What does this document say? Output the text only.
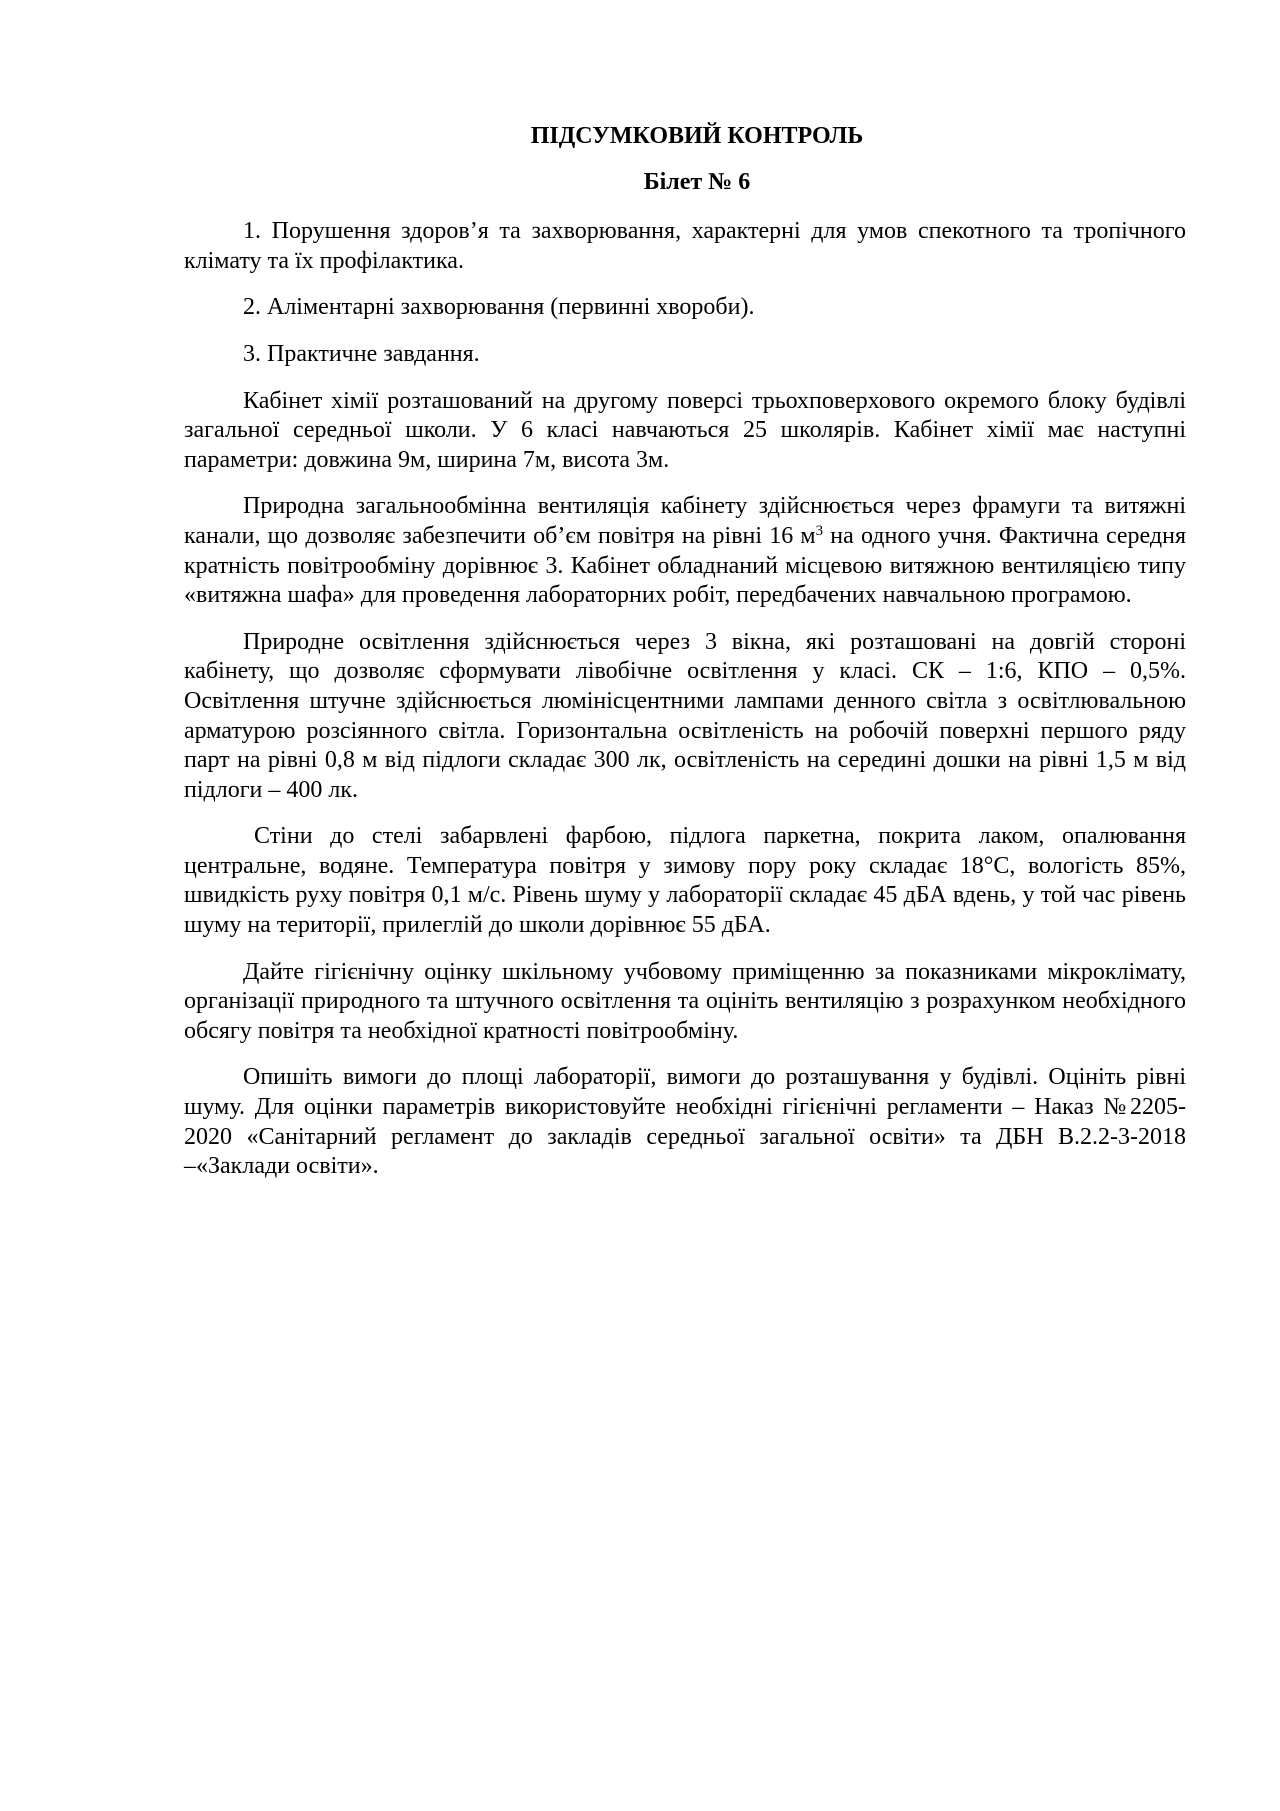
ПІДСУМКОВИЙ КОНТРОЛЬ
Білет № 6

1. Порушення здоров’я та захворювання, характерні для умов спекотного та тропічного клімату та їх профілактика.

2. Аліментарні захворювання (первинні хвороби).

3. Практичне завдання.

Кабінет хімії розташований на другому поверсі трьохповерхового окремого блоку будівлі загальної середньої школи. У 6 класі навчаються 25 школярів. Кабінет хімії має наступні параметри: довжина 9м, ширина 7м, висота 3м.

Природна загальнообмінна вентиляція кабінету здійснюється через фрамуги та витяжні канали, що дозволяє забезпечити об’єм повітря на рівні 16 $м^3$ на одного учня. Фактична середня кратність повітрообміну дорівнює 3. Кабінет обладнаний місцевою витяжною вентиляцією типу «витяжна шафа» для проведення лабораторних робіт, передбачених навчальною програмою.

Природне освітлення здійснюється через 3 вікна, які розташовані на довгій стороні кабінету, що дозволяє сформувати лівобічне освітлення у класі. СК – 1:6, КПО – 0,5%. Освітлення штучне здійснюється люмінісцентними лампами денного світла з освітлювальною арматурою розсіянного світла. Горизонтальна освітленість на робочій поверхні першого ряду парт на рівні 0,8 м від підлоги складає 300 лк, освітленість на середині дошки на рівні 1,5 м від підлоги – 400 лк.

Стіни до стелі забарвлені фарбою, підлога паркетна, покрита лаком, опалювання центральне, водяне. Температура повітря у зимову пору року складає 18°С, вологість 85%, швидкість руху повітря 0,1 м/с. Рівень шуму у лабораторії складає 45 дБА вдень, у той час рівень шуму на території, прилеглій до школи дорівнює 55 дБА.

Дайте гігієнічну оцінку шкільному учбовому приміщенню за показниками мікроклімату, організації природного та штучного освітлення та оцініть вентиляцію з розрахунком необхідного обсягу повітря та необхідної кратності повітрообміну.

Опишіть вимоги до площі лабораторії, вимоги до розташування у будівлі. Оцініть рівні шуму. Для оцінки параметрів використовуйте необхідні гігієнічні регламенти – Наказ №2205-2020 «Санітарний регламент до закладів середньої загальної освіти» та ДБН В.2.2-3-2018 –«Заклади освіти».
